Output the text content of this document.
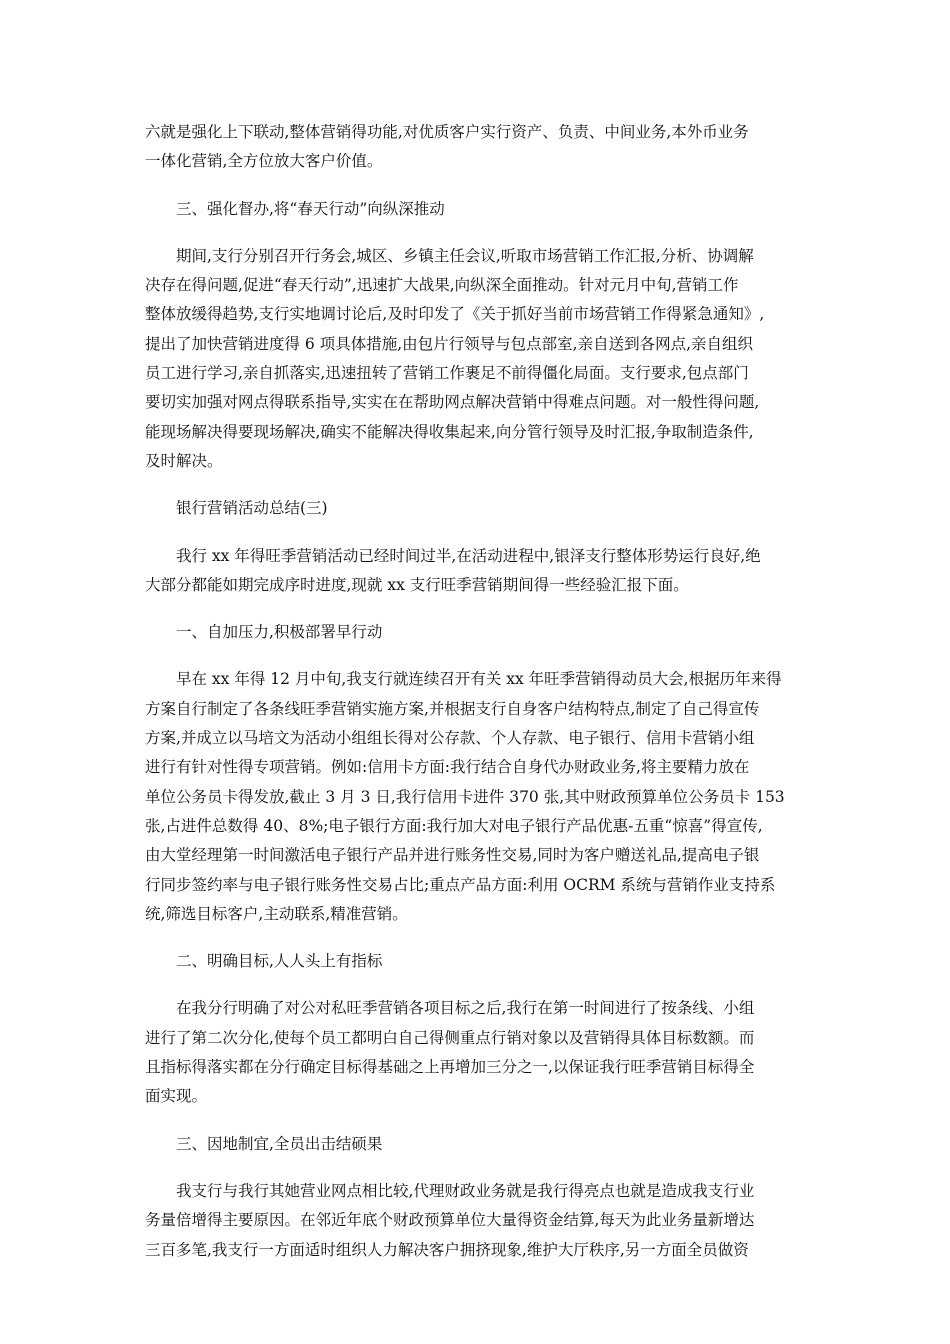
六就是强化上下联动,整体营销得功能,对优质客户实行资产、负责、中间业务,本外币业务
一体化营销,全方位放大客户价值。
三、强化督办,将“春天行动”向纵深推动
期间,支行分别召开行务会,城区、乡镇主任会议,听取市场营销工作汇报,分析、协调解
决存在得问题,促进“春天行动”,迅速扩大战果,向纵深全面推动。针对元月中旬,营销工作
整体放缓得趋势,支行实地调讨论后,及时印发了《关于抓好当前市场营销工作得紧急通知》,
提出了加快营销进度得 6 项具体措施,由包片行领导与包点部室,亲自送到各网点,亲自组织
员工进行学习,亲自抓落实,迅速扭转了营销工作裹足不前得僵化局面。支行要求,包点部门
要切实加强对网点得联系指导,实实在在帮助网点解决营销中得难点问题。对一般性得问题,
能现场解决得要现场解决,确实不能解决得收集起来,向分管行领导及时汇报,争取制造条件,
及时解决。
银行营销活动总结(三)
我行 xx 年得旺季营销活动已经时间过半,在活动进程中,银泽支行整体形势运行良好,绝
大部分都能如期完成序时进度,现就 xx 支行旺季营销期间得一些经验汇报下面。
一、自加压力,积极部署早行动
早在 xx 年得 12 月中旬,我支行就连续召开有关 xx 年旺季营销得动员大会,根据历年来得
方案自行制定了各条线旺季营销实施方案,并根据支行自身客户结构特点,制定了自己得宣传
方案,并成立以马培文为活动小组组长得对公存款、个人存款、电子银行、信用卡营销小组
进行有针对性得专项营销。例如:信用卡方面:我行结合自身代办财政业务,将主要精力放在
单位公务员卡得发放,截止 3 月 3 日,我行信用卡进件 370 张,其中财政预算单位公务员卡 153
张,占进件总数得 40、8%;电子银行方面:我行加大对电子银行产品优惠-五重“惊喜”得宣传,
由大堂经理第一时间激活电子银行产品并进行账务性交易,同时为客户赠送礼品,提高电子银
行同步签约率与电子银行账务性交易占比;重点产品方面:利用 OCRM 系统与营销作业支持系
统,筛选目标客户,主动联系,精准营销。
二、明确目标,人人头上有指标
在我分行明确了对公对私旺季营销各项目标之后,我行在第一时间进行了按条线、小组
进行了第二次分化,使每个员工都明白自己得侧重点行销对象以及营销得具体目标数额。而
且指标得落实都在分行确定目标得基础之上再增加三分之一,以保证我行旺季营销目标得全
面实现。
三、因地制宜,全员出击结硕果
我支行与我行其她营业网点相比较,代理财政业务就是我行得亮点也就是造成我支行业
务量倍增得主要原因。在邻近年底个财政预算单位大量得资金结算,每天为此业务量新增达
三百多笔,我支行一方面适时组织人力解决客户拥挤现象,维护大厅秩序,另一方面全员做资
